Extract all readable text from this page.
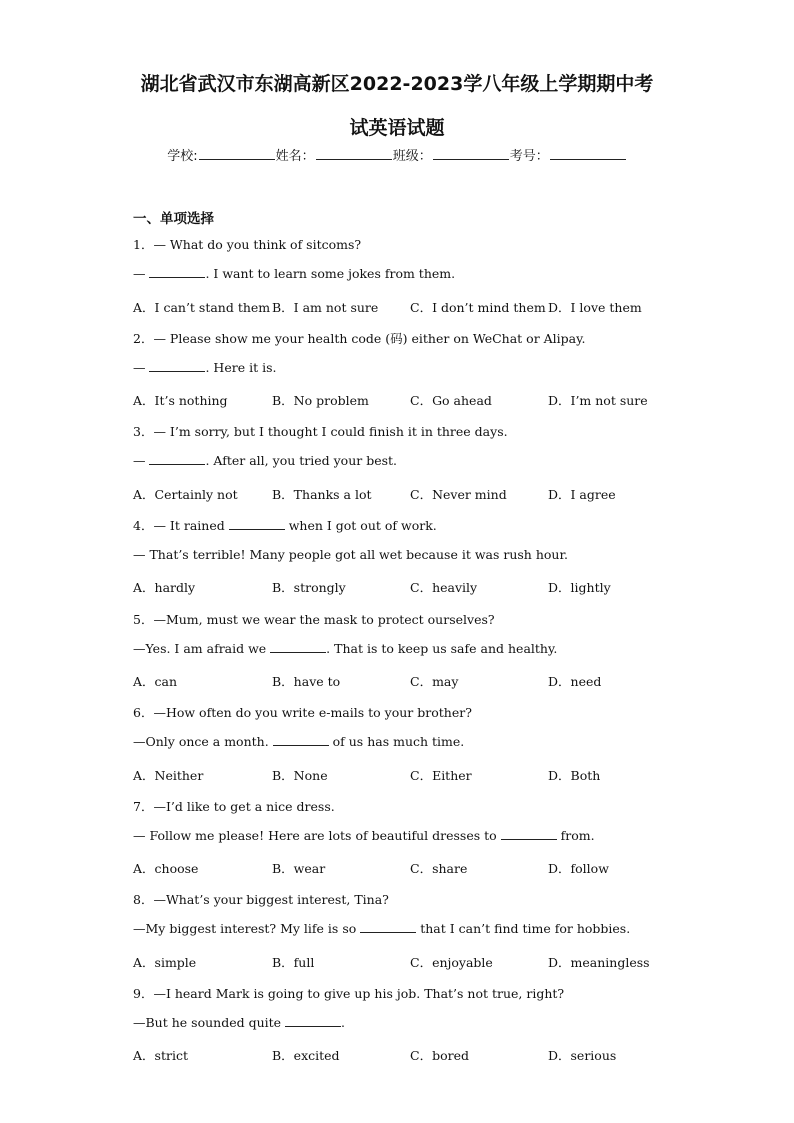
湖北省武汉市东湖高新区2022-2023学八年级上学期期中考
试英语试题
学校:	姓名：	班级：	考号：
一、单项选择
1．— What do you think of sitcoms?
—	. I want to learn some jokes from them.
A．I can’t stand them B．I am not sure	C．I don’t mind them D．I love them
2．— Please show me your health code (码) either on WeChat or Alipay.
—	. Here it is.
A．It’s nothing	B．No problem	C．Go ahead	D．I’m not sure
3．— I’m sorry, but I thought I could finish it in three days.
—	. After all, you tried your best.
A．Certainly not	B．Thanks a lot	C．Never mind	D．I agree
4．— It rained	when I got out of work.
— That’s terrible! Many people got all wet because it was rush hour.
A．hardly	B．strongly	C．heavily	D．lightly
5．—Mum, must we wear the mask to protect ourselves?
—Yes. I am afraid we	. That is to keep us safe and healthy.
A．can	B．have to	C．may	D．need
6．—How often do you write e-mails to your brother?
—Only once a month.	of us has much time.
A．Neither	B．None	C．Either	D．Both
7．—I’d like to get a nice dress.
— Follow me please! Here are lots of beautiful dresses to	from.
A．choose	B．wear	C．share	D．follow
8．—What’s your biggest interest, Tina?
—My biggest interest? My life is so	that I can’t find time for hobbies.
A．simple	B．full	C．enjoyable	D．meaningless
9．—I heard Mark is going to give up his job. That’s not true, right?
—But he sounded quite	.
A．strict	B．excited	C．bored	D．serious
